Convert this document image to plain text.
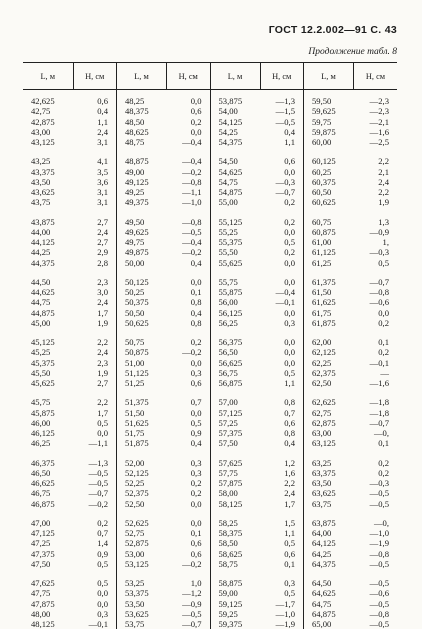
ГОСТ 12.2.002—91 С. 43
Продолжение табл. 8
L, м	H, см	L, м	H, см	L, м	H, см	L, м	H, см
42,625	0,6	48,25	0,0	53,875	—1,3	59,50	—2,3
42,75	0,4	48,375	0,6	54,00	—1,5	59,625	—2,3
42,875	1,1	48,50	0,2	54,125	—0,5	59,75	—2,1
43,00	2,4	48,625	0,0	54,25	0,4	59,875	—1,6
43,125	3,1	48,75	—0,4	54,375	1,1	60,00	—2,5

43,25	4,1	48,875	—0,4	54,50	0,6	60,125	2,2
43,375	3,5	49,00	—0,2	54,625	0,0	60,25	2,1
43,50	3,6	49,125	—0,8	54,75	—0,3	60,375	2,4
43,625	3,1	49,25	—1,1	54,875	—0,7	60,50	2,2
43,75	3,1	49,375	—1,0	55,00	0,2	60,625	1,9

43,875	2,7	49,50	—0,8	55,125	0,2	60,75	1,3
44,00	2,4	49,625	—0,5	55,25	0,0	60,875	—0,9
44,125	2,7	49,75	—0,4	55,375	0,5	61,00	1,
44,25	2,9	49,875	—0,2	55,50	0,2	61,125	—0,3
44,375	2,8	50,00	0,4	55,625	0,0	61,25	0,5

44,50	2,3	50,125	0,0	55,75	0,0	61,375	—0,7
44,625	3,0	50,25	0,1	55,875	—0,4	61,50	—0,8
44,75	2,4	50,375	0,8	56,00	—0,1	61,625	—0,6
44,875	1,7	50,50	0,4	56,125	0,0	61,75	0,0
45,00	1,9	50,625	0,8	56,25	0,3	61,875	0,2

45,125	2,2	50,75	0,2	56,375	0,0	62,00	0,1
45,25	2,4	50,875	—0,2	56,50	0,0	62,125	0,2
45,375	2,3	51,00	0,0	56,625	0,0	62,25	—0,1
45,50	1,9	51,125	0,3	56,75	0,5	62,375	—
45,625	2,7	51,25	0,6	56,875	1,1	62,50	—1,6

45,75	2,2	51,375	0,7	57,00	0,8	62,625	—1,8
45,875	1,7	51,50	0,0	57,125	0,7	62,75	—1,8
46,00	0,5	51,625	0,5	57,25	0,6	62,875	—0,7
46,125	0,0	51,75	0,9	57,375	0,8	63,00	—0,
46,25	—1,1	51,875	0,4	57,50	0,4	63,125	0,1

46,375	—1,3	52,00	0,3	57,625	1,2	63,25	0,2
46,50	—0,5	52,125	0,3	57,75	1,6	63,375	0,2
46,625	—0,5	52,25	0,2	57,875	2,2	63,50	—0,3
46,75	—0,7	52,375	0,2	58,00	2,4	63,625	—0,5
46,875	—0,2	52,50	0,0	58,125	1,7	63,75	—0,5

47,00	0,2	52,625	0,0	58,25	1,5	63,875	—0,
47,125	0,7	52,75	0,1	58,375	1,1	64,00	—1,0
47,25	1,4	52,875	0,6	58,50	0,5	64,125	—1,9
47,375	0,9	53,00	0,6	58,625	0,6	64,25	—0,8
47,50	0,5	53,125	—0,2	58,75	0,1	64,375	—0,5

47,625	0,5	53,25	1,0	58,875	0,3	64,50	—0,5
47,75	0,0	53,375	—1,2	59,00	0,5	64,625	—0,6
47,875	0,0	53,50	—0,9	59,125	—1,7	64,75	—0,5
48,00	0,3	53,625	—0,5	59,25	—1,0	64,875	—0,8
48,125	—0,1	53,75	—0,7	59,375	—1,9	65,00	—0,5
